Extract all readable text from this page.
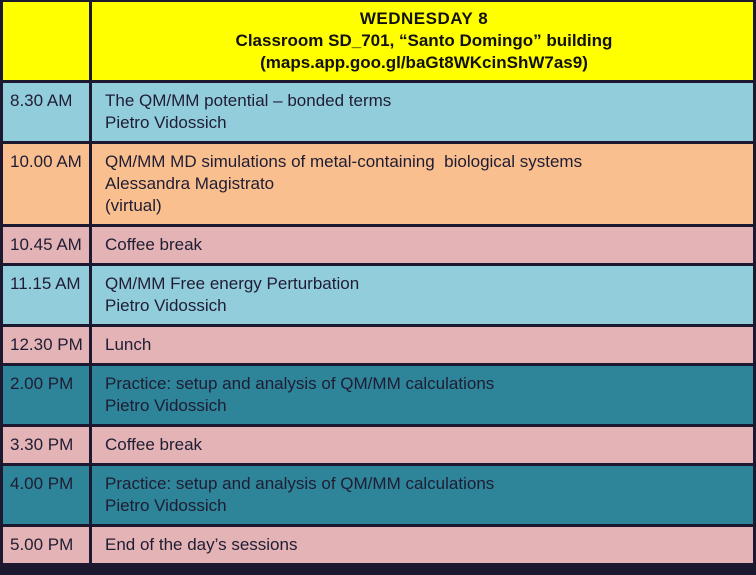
WEDNESDAY 8
Classroom SD_701, “Santo Domingo” building
(maps.app.goo.gl/baGt8WKcinShW7as9)
8.30 AM	The QM/MM potential – bonded terms
Pietro Vidossich
10.00 AM	QM/MM MD simulations of metal-containing  biological systems
Alessandra Magistrato
(virtual)
10.45 AM	Coffee break
11.15 AM	QM/MM Free energy Perturbation
Pietro Vidossich
12.30 PM	Lunch
2.00 PM	Practice: setup and analysis of QM/MM calculations
Pietro Vidossich
3.30 PM	Coffee break
4.00 PM	Practice: setup and analysis of QM/MM calculations
Pietro Vidossich
5.00 PM	End of the day’s sessions
